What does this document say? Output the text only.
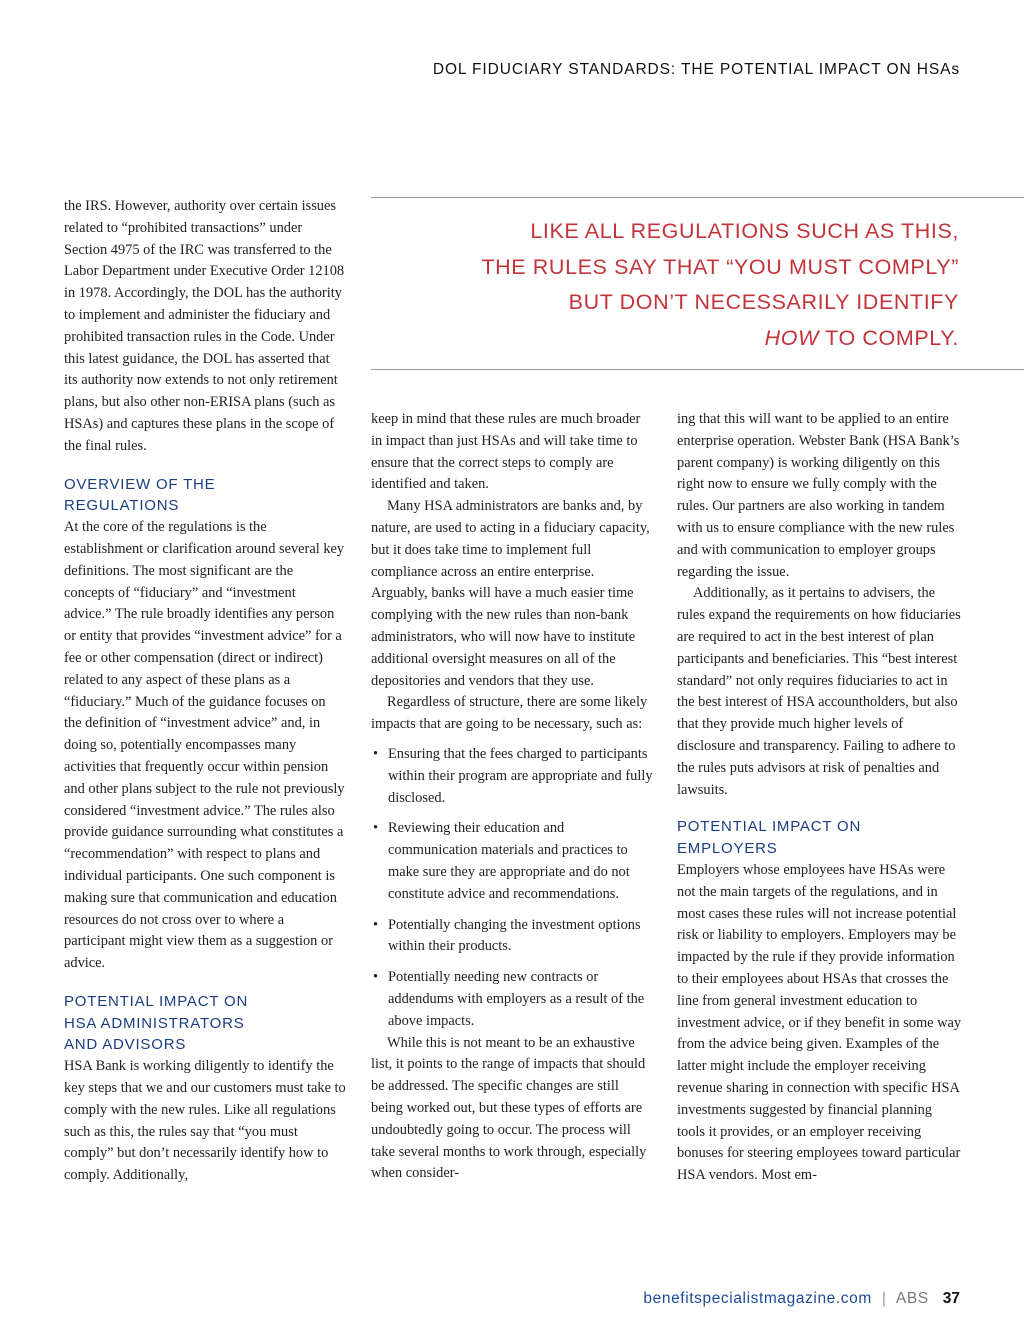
DOL FIDUCIARY STANDARDS: THE POTENTIAL IMPACT ON HSAs
LIKE ALL REGULATIONS SUCH AS THIS,
THE RULES SAY THAT “YOU MUST COMPLY”
BUT DON’T NECESSARILY IDENTIFY
HOW TO COMPLY.

the IRS. However, authority over certain issues related to “prohibited transactions” under Section 4975 of the IRC was transferred to the Labor Department under Executive Order 12108 in 1978. Accordingly, the DOL has the authority to implement and administer the fiduciary and prohibited transaction rules in the Code. Under this latest guidance, the DOL has asserted that its authority now extends to not only retirement plans, but also other non-ERISA plans (such as HSAs) and captures these plans in the scope of the final rules.

OVERVIEW OF THE
REGULATIONS

At the core of the regulations is the establishment or clarification around several key definitions. The most significant are the concepts of “fiduciary” and “investment advice.” The rule broadly identifies any person or entity that provides “investment advice” for a fee or other compensation (direct or indirect) related to any aspect of these plans as a “fiduciary.” Much of the guidance focuses on the definition of “investment advice” and, in doing so, potentially encompasses many activities that frequently occur within pension and other plans subject to the rule not previously considered “investment advice.” The rules also provide guidance surrounding what constitutes a “recommendation” with respect to plans and individual participants. One such component is making sure that communication and education resources do not cross over to where a participant might view them as a suggestion or advice.

POTENTIAL IMPACT ON
HSA ADMINISTRATORS
AND ADVISORS

HSA Bank is working diligently to identify the key steps that we and our customers must take to comply with the new rules. Like all regulations such as this, the rules say that “you must comply” but don’t necessarily identify how to comply. Additionally,

keep in mind that these rules are much broader in impact than just HSAs and will take time to ensure that the correct steps to comply are identified and taken.

Many HSA administrators are banks and, by nature, are used to acting in a fiduciary capacity, but it does take time to implement full compliance across an entire enterprise. Arguably, banks will have a much easier time complying with the new rules than non-bank administrators, who will now have to institute additional oversight measures on all of the depositories and vendors that they use.

Regardless of structure, there are some likely impacts that are going to be necessary, such as:

• Ensuring that the fees charged to participants within their program are appropriate and fully disclosed.
• Reviewing their education and communication materials and practices to make sure they are appropriate and do not constitute advice and recommendations.
• Potentially changing the investment options within their products.
• Potentially needing new contracts or addendums with employers as a result of the above impacts.

While this is not meant to be an exhaustive list, it points to the range of impacts that should be addressed. The specific changes are still being worked out, but these types of efforts are undoubtedly going to occur. The process will take several months to work through, especially when consider-

ing that this will want to be applied to an entire enterprise operation. Webster Bank (HSA Bank’s parent company) is working diligently on this right now to ensure we fully comply with the rules. Our partners are also working in tandem with us to ensure compliance with the new rules and with communication to employer groups regarding the issue.

Additionally, as it pertains to advisers, the rules expand the requirements on how fiduciaries are required to act in the best interest of plan participants and beneficiaries. This “best interest standard” not only requires fiduciaries to act in the best interest of HSA accountholders, but also that they provide much higher levels of disclosure and transparency. Failing to adhere to the rules puts advisors at risk of penalties and lawsuits.

POTENTIAL IMPACT ON
EMPLOYERS

Employers whose employees have HSAs were not the main targets of the regulations, and in most cases these rules will not increase potential risk or liability to employers. Employers may be impacted by the rule if they provide information to their employees about HSAs that crosses the line from general investment education to investment advice, or if they benefit in some way from the advice being given. Examples of the latter might include the employer receiving revenue sharing in connection with specific HSA investments suggested by financial planning tools it provides, or an employer receiving bonuses for steering employees toward particular HSA vendors. Most em-

benefitspecialistmagazine.com | ABS 37
